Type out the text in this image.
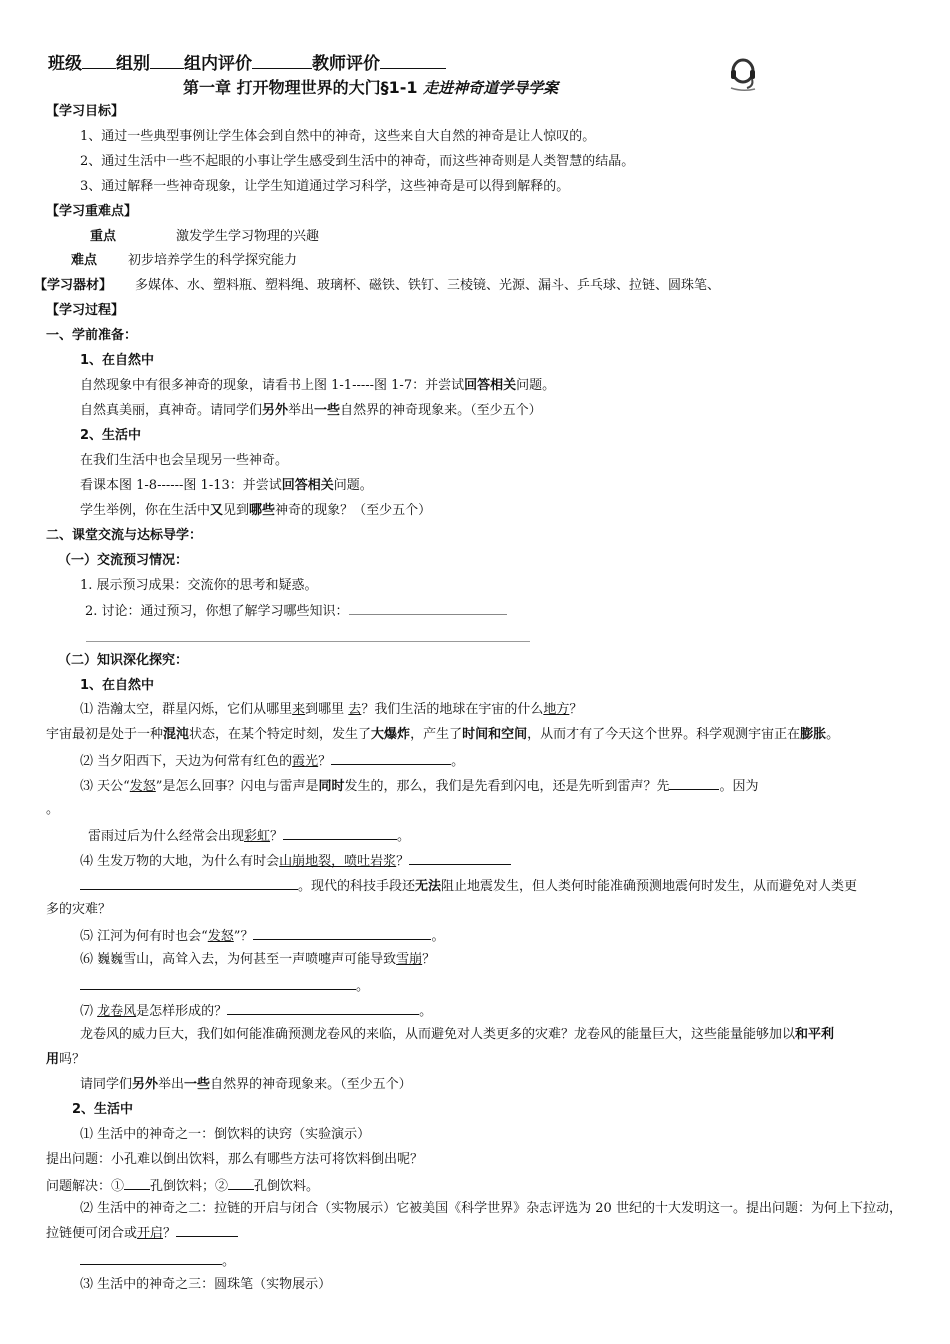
班级 组别 组内评价	教师评价
第一章 打开物理世界的大门§1-1 走进神奇道学导学案
【学习目标】
1、通过一些典型事例让学生体会到自然中的神奇，这些来自大自然的神奇是让人惊叹的。
2、通过生活中一些不起眼的小事让学生感受到生活中的神奇，而这些神奇则是人类智慧的结晶。
3、通过解释一些神奇现象，让学生知道通过学习科学，这些神奇是可以得到解释的。
【学习重难点】
重点	激发学生学习物理的兴趣
难点 初步培养学生的科学探究能力
【学习器材】 多媒体、水、塑料瓶、塑料绳、玻璃杯、磁铁、铁钉、三棱镜、光源、漏斗、乒乓球、拉链、圆珠笔、
【学习过程】
一、学前准备：
1、在自然中
自然现象中有很多神奇的现象，请看书上图 1-1-----图 1-7：并尝试回答相关问题。
自然真美丽，真神奇。请同学们另外举出一些自然界的神奇现象来。（至少五个）
2、生活中
在我们生活中也会呈现另一些神奇。
看课本图 1-8------图 1-13：并尝试回答相关问题。
学生举例，你在生活中又见到哪些神奇的现象？（至少五个）
二、课堂交流与达标导学：
（一）交流预习情况：
1. 展示预习成果：交流你的思考和疑惑。
2. 讨论：通过预习，你想了解学习哪些知识：
（二）知识深化探究：
1、在自然中
⑴ 浩瀚太空，群星闪烁，它们从哪里来到哪里 去？我们生活的地球在宇宙的什么地方？
宇宙最初是处于一种混沌状态，在某个特定时刻，发生了大爆炸，产生了时间和空间，从而才有了今天这个世界。科学观测宇宙正在膨胀。
⑵ 当夕阳西下，天边为何常有红色的霞光？	。
⑶ 天公“发怒”是怎么回事？闪电与雷声是同时发生的，那么，我们是先看到闪电，还是先听到雷声？先	。因为
。
雷雨过后为什么经常会出现彩虹？	。
⑷ 生发万物的大地，为什么有时会山崩地裂，喷吐岩浆？
。现代的科技手段还无法阻止地震发生，但人类何时能准确预测地震何时发生，从而避免对人类更
多的灾难？
⑸ 江河为何有时也会“发怒”？	。
⑹ 巍巍雪山，高耸入去，为何甚至一声喷嚏声可能导致雪崩？
。
⑺ 龙卷风是怎样形成的？	。
龙卷风的威力巨大，我们如何能准确预测龙卷风的来临，从而避免对人类更多的灾难？龙卷风的能量巨大，这些能量能够加以和平利
用吗？
请同学们另外举出一些自然界的神奇现象来。（至少五个）
2、生活中
⑴ 生活中的神奇之一：倒饮料的诀窍（实验演示）
提出问题：小孔难以倒出饮料，那么有哪些方法可将饮料倒出呢？
问题解决：① 孔倒饮料；② 孔倒饮料。
⑵ 生活中的神奇之二：拉链的开启与闭合（实物展示）它被美国《科学世界》杂志评选为 20 世纪的十大发明这一。提出问题：为何上下拉动，拉链便可闭合或开启？
。
⑶ 生活中的神奇之三：圆珠笔（实物展示）
